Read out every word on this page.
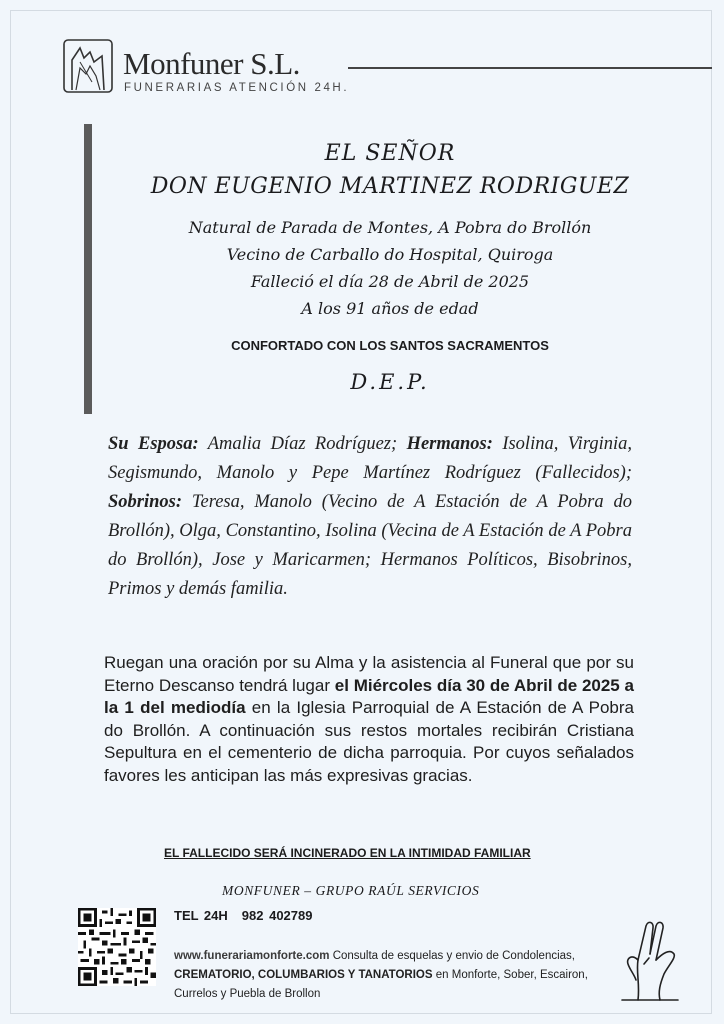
Monfuner S.L.
FUNERARIAS ATENCIÓN 24H.
EL SEÑOR
DON EUGENIO MARTINEZ RODRIGUEZ
Natural de Parada de Montes, A Pobra do Brollón
Vecino de Carballo do Hospital, Quiroga
Falleció el día 28 de Abril de 2025
A los 91 años de edad
CONFORTADO CON LOS SANTOS SACRAMENTOS
D.E.P.
Su Esposa: Amalia Díaz Rodríguez; Hermanos: Isolina, Virginia, Segismundo, Manolo y Pepe Martínez Rodríguez (Fallecidos); Sobrinos: Teresa, Manolo (Vecino de A Estación de A Pobra do Brollón), Olga, Constantino, Isolina (Vecina de A Estación de A Pobra do Brollón), Jose y Maricarmen; Hermanos Políticos, Bisobrinos, Primos y demás familia.
Ruegan una oración por su Alma y la asistencia al Funeral que por su Eterno Descanso tendrá lugar el Miércoles día 30 de Abril de 2025 a la 1 del mediodía en la Iglesia Parroquial de A Estación de A Pobra do Brollón. A continuación sus restos mortales recibirán Cristiana Sepultura en el cementerio de dicha parroquia. Por cuyos señalados favores les anticipan las más expresivas gracias.
EL FALLECIDO SERÁ INCINERADO EN LA INTIMIDAD FAMILIAR
MONFUNER – GRUPO RAÚL SERVICIOS
TEL 24H 982 402789
www.funerariamonforte.com Consulta de esquelas y envio de Condolencias, CREMATORIO, COLUMBARIOS Y TANATORIOS en Monforte, Sober, Escairon, Currelos y Puebla de Brollon
